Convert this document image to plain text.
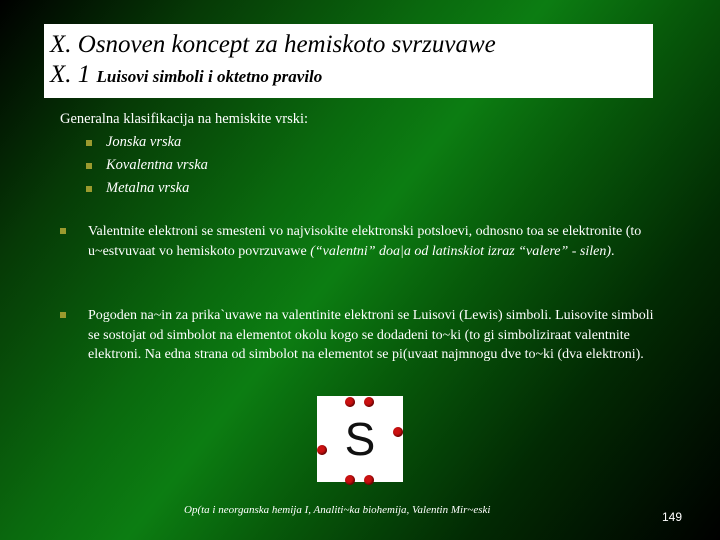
X. Osnoven koncept za hemiskoto svrzuvawe
X. 1 Luisovi simboli i oktetno pravilo
Generalna klasifikacija na hemiskite vrski:
Jonska vrska
Kovalentna vrska
Metalna vrska
Valentnite elektroni se smesteni vo najvisokite elektronski potsloevi, odnosno toa se elektronite (to u~estvuvaat vo hemiskoto povrzuvawe (“valentni” doa|a od latinskiot izraz “valere” - silen).
Pogoden na~in za prika`uvawe na valentinite elektroni se Luisovi (Lewis) simboli. Luisovite simboli se sostojat od simbolot na elementot okolu kogo se dodadeni to~ki (to gi simboliziraat valentnite elektroni. Na edna strana od simbolot na elementot se pi(uvaat najmnogu dve to~ki (dva elektroni).
S
Op(ta i neorganska hemija I, Analiti~ka biohemija, Valentin Mir~eski	149
